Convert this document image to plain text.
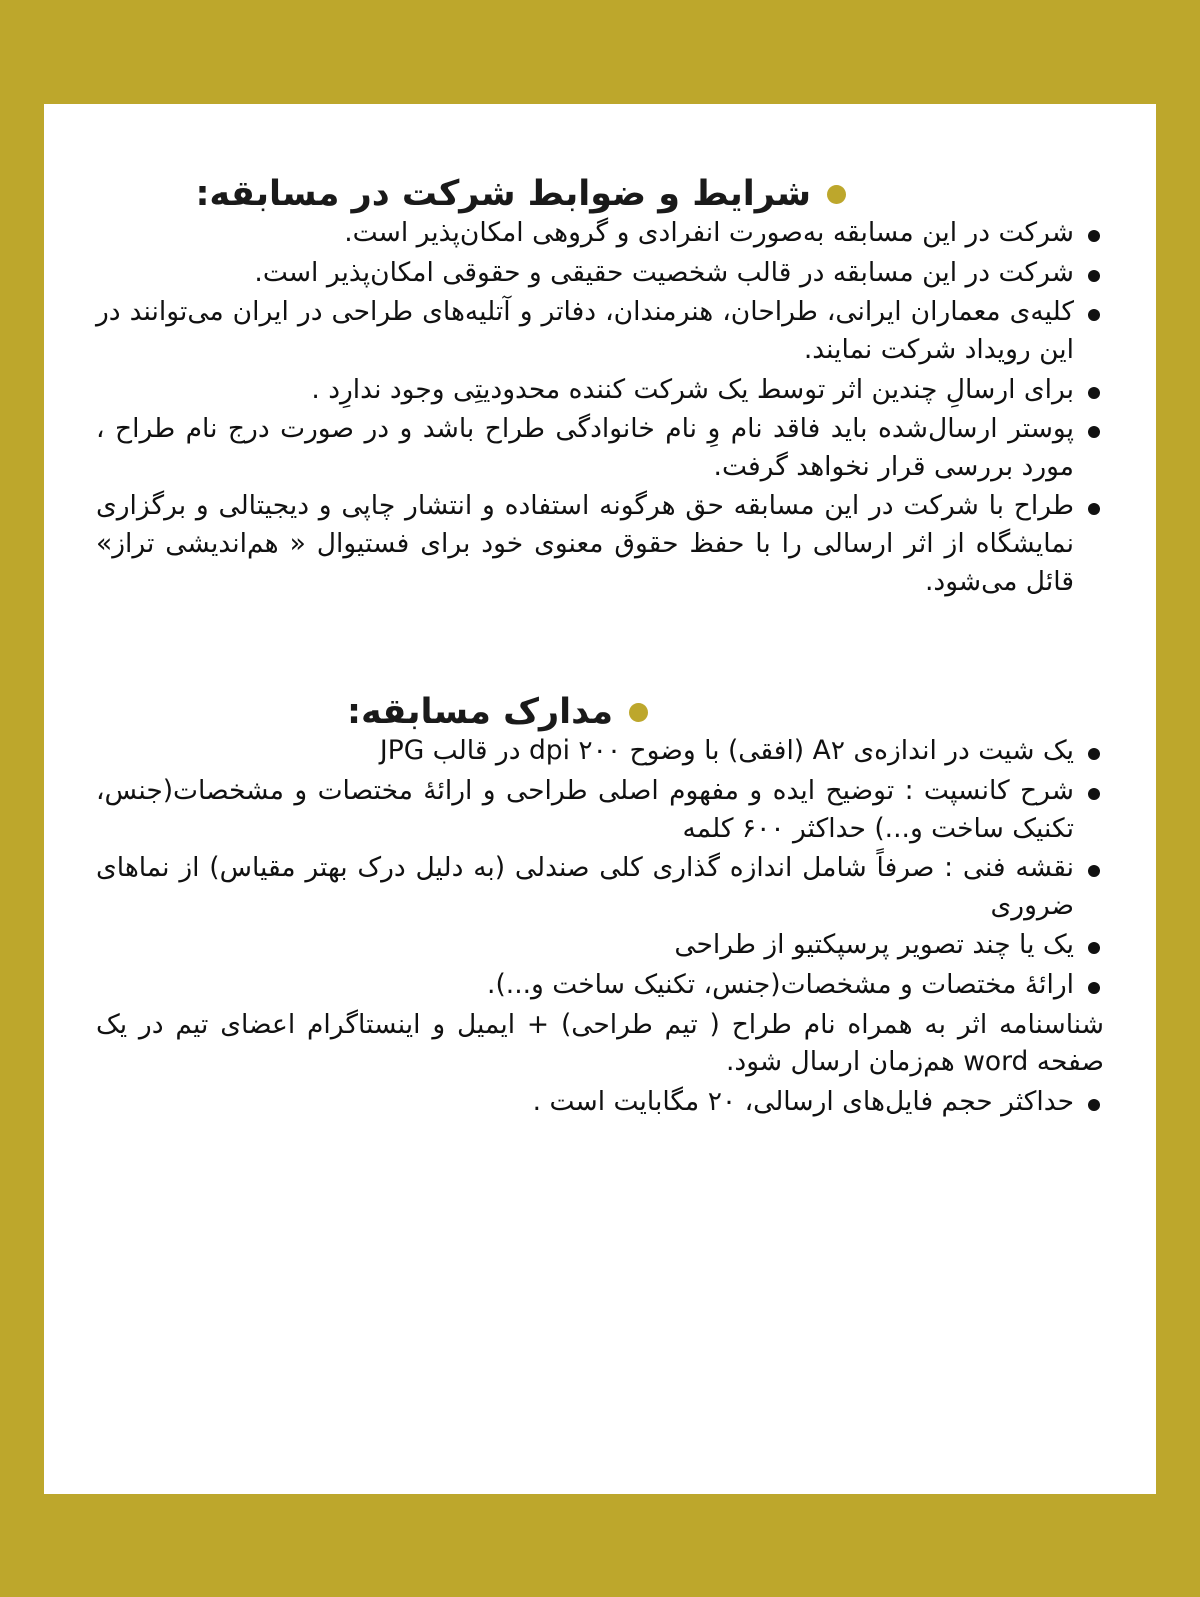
شرایط و ضوابط شرکت در مسابقه:
شرکت در این مسابقه به‌صورت انفرادی و گروهی امکان‌پذیر است.
شرکت در این مسابقه در قالب شخصیت حقیقی و حقوقی امکان‌پذیر است.
کلیه‌ی معماران ایرانی، طراحان، هنرمندان، دفاتر و آتلیه‌های طراحی در ایران می‌توانند در این رویداد شرکت نمایند.
برای ارسالِ چندین اثر توسط یک شرکت کننده محدودیتِی وجود ندارِد .
پوستر ارسال‌شده باید فاقد نام وِ نام خانوادگی طراح باشد و در صورت درج نام طراح ، مورد بررسی قرار نخواهد گرفت.
طراح با شرکت در این مسابقه حق هرگونه استفاده و انتشار چاپی و دیجیتالی و برگزاری نمایشگاه از اثر ارسالی را با حفظ حقوق معنوی خود برای فستیوال « هم‌اندیشی تراز» قائل می‌شود.
مدارک مسابقه:
یک شیت در اندازه‌ی A۲ (افقی) با وضوح ۲۰۰ dpi در قالب JPG
شرح کانسپت : توضیح ایده و مفهوم اصلی طراحی و ارائهٔ مختصات و مشخصات(جنس، تکنیک ساخت و...) حداکثر ۶۰۰ کلمه
نقشه فنی : صرفاً شامل اندازه گذاری کلی صندلی (به دلیل درک بهتر مقیاس) از نماهای ضروری
یک یا چند تصویر پرسپکتیو از طراحی
ارائهٔ مختصات و مشخصات(جنس، تکنیک ساخت و...).
شناسنامه اثر به همراه نام طراح ( تیم طراحی) + ایمیل و اینستاگرام اعضای تیم در یک صفحه word هم‌زمان ارسال شود.
حداکثر حجم فایل‌های ارسالی، ۲۰ مگابایت است .
